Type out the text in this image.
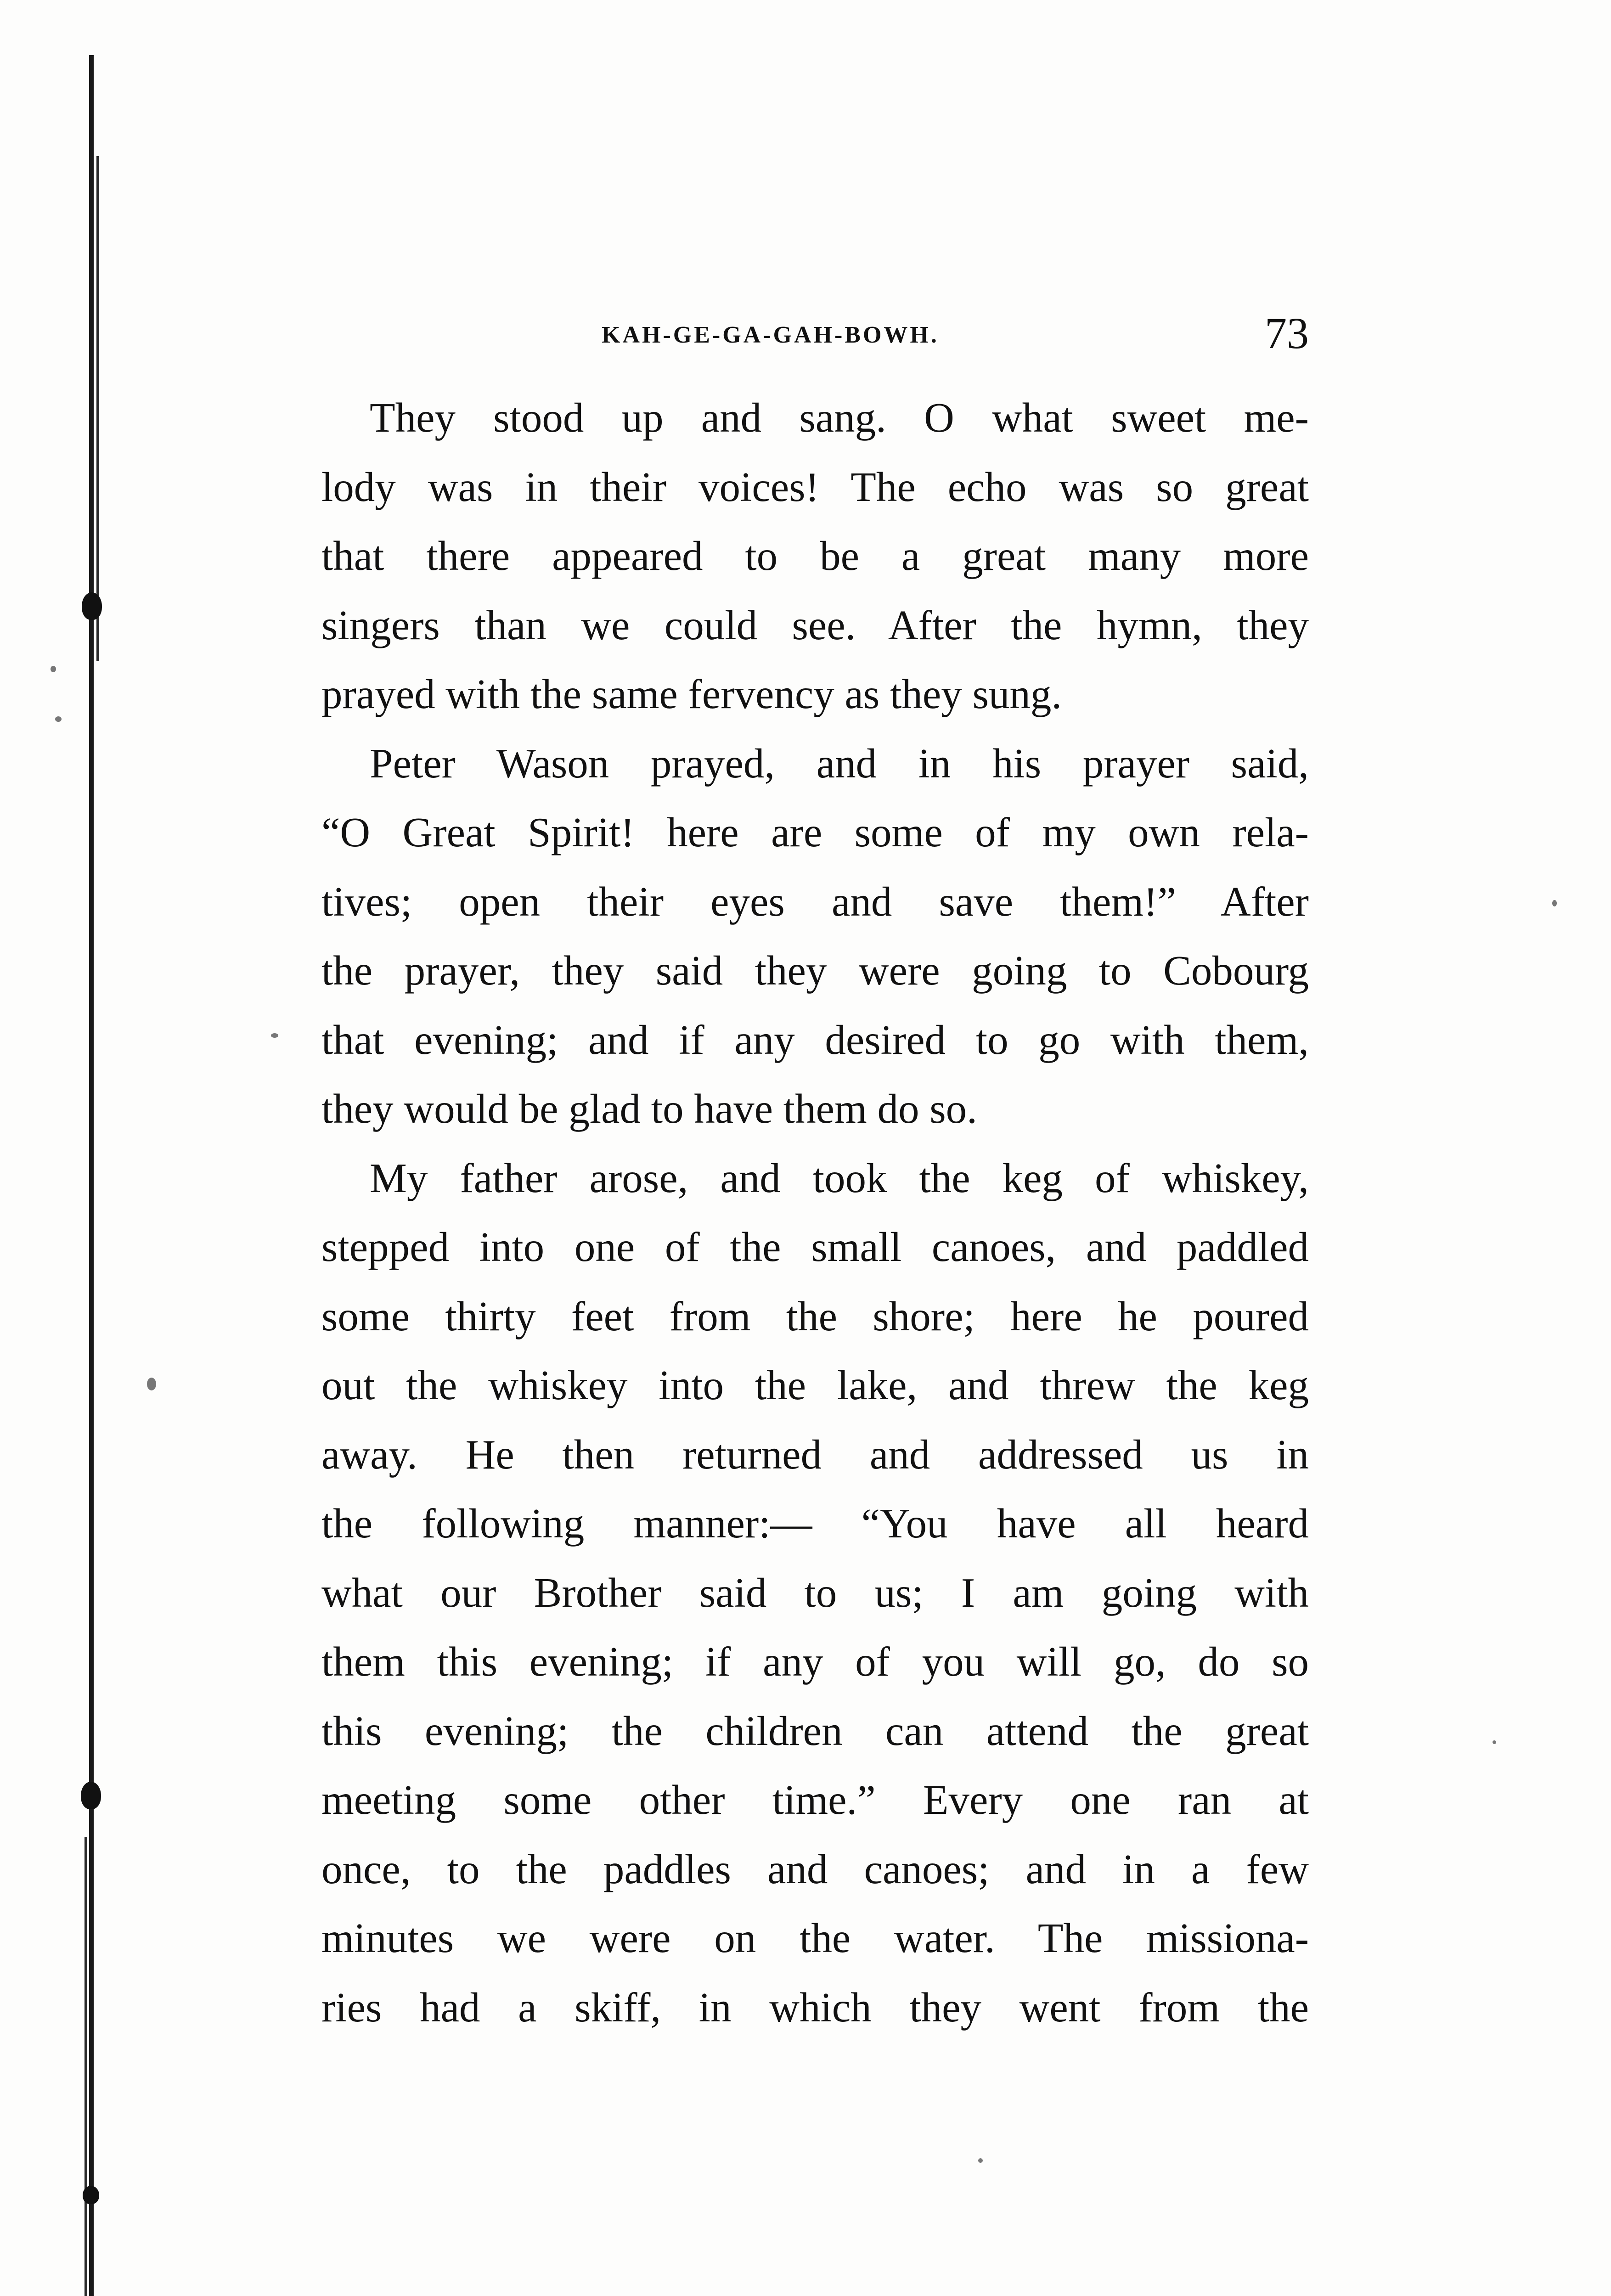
KAH-GE-GA-GAH-BOWH.	73
They stood up and sang. O what sweet me-
lody was in their voices! The echo was so great
that there appeared to be a great many more
singers than we could see. After the hymn, they
prayed with the same fervency as they sung.
Peter Wason prayed, and in his prayer said,
“O Great Spirit! here are some of my own rela-
tives; open their eyes and save them!” After
the prayer, they said they were going to Cobourg
that evening; and if any desired to go with them,
they would be glad to have them do so.
My father arose, and took the keg of whiskey,
stepped into one of the small canoes, and paddled
some thirty feet from the shore; here he poured
out the whiskey into the lake, and threw the keg
away. He then returned and addressed us in
the following manner:— “You have all heard
what our Brother said to us; I am going with
them this evening; if any of you will go, do so
this evening; the children can attend the great
meeting some other time.” Every one ran at
once, to the paddles and canoes; and in a few
minutes we were on the water. The missiona-
ries had a skiff, in which they went from the
